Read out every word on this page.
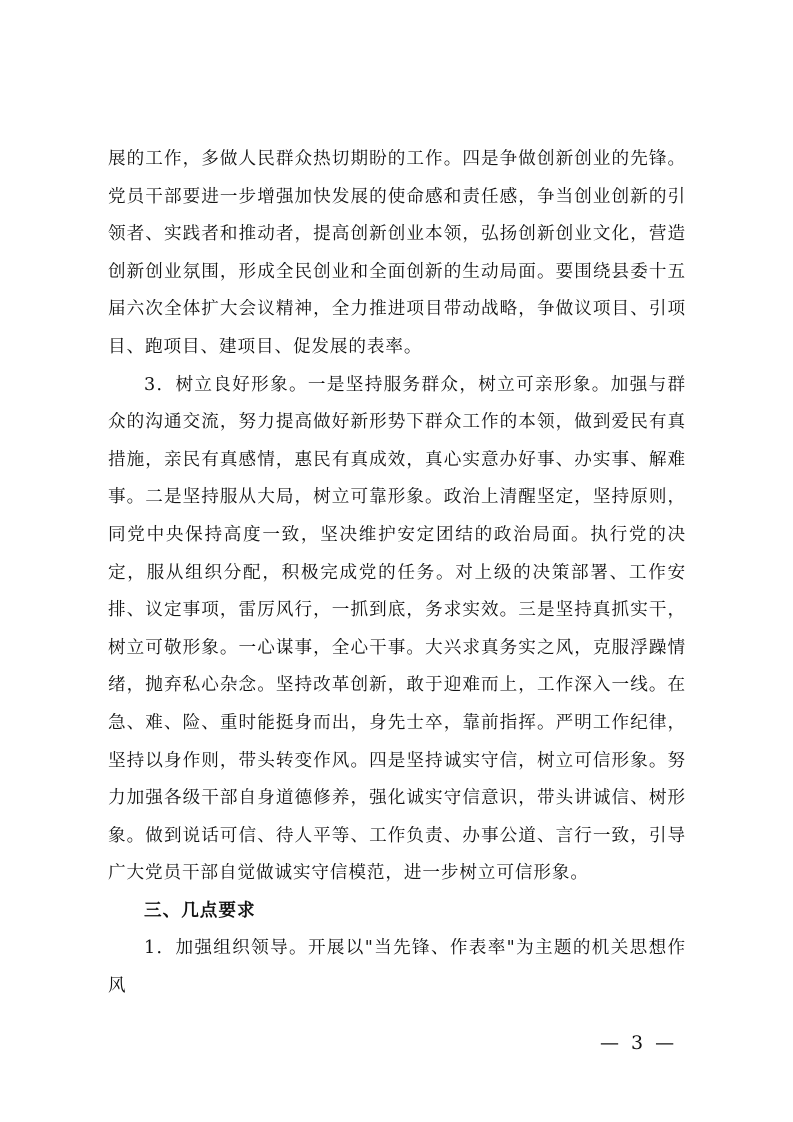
展的工作，多做人民群众热切期盼的工作。四是争做创新创业的先锋。党员干部要进一步增强加快发展的使命感和责任感，争当创业创新的引领者、实践者和推动者，提高创新创业本领，弘扬创新创业文化，营造创新创业氛围，形成全民创业和全面创新的生动局面。要围绕县委十五届六次全体扩大会议精神，全力推进项目带动战略，争做议项目、引项目、跑项目、建项目、促发展的表率。

3．树立良好形象。一是坚持服务群众，树立可亲形象。加强与群众的沟通交流，努力提高做好新形势下群众工作的本领，做到爱民有真措施，亲民有真感情，惠民有真成效，真心实意办好事、办实事、解难事。二是坚持服从大局，树立可靠形象。政治上清醒坚定，坚持原则，同党中央保持高度一致，坚决维护安定团结的政治局面。执行党的决定，服从组织分配，积极完成党的任务。对上级的决策部署、工作安排、议定事项，雷厉风行，一抓到底，务求实效。三是坚持真抓实干，树立可敬形象。一心谋事，全心干事。大兴求真务实之风，克服浮躁情绪，抛弃私心杂念。坚持改革创新，敢于迎难而上，工作深入一线。在急、难、险、重时能挺身而出，身先士卒，靠前指挥。严明工作纪律，坚持以身作则，带头转变作风。四是坚持诚实守信，树立可信形象。努力加强各级干部自身道德修养，强化诚实守信意识，带头讲诚信、树形象。做到说话可信、待人平等、工作负责、办事公道、言行一致，引导广大党员干部自觉做诚实守信模范，进一步树立可信形象。

三、几点要求

1．加强组织领导。开展以"当先锋、作表率"为主题的机关思想作风

— 3 —
